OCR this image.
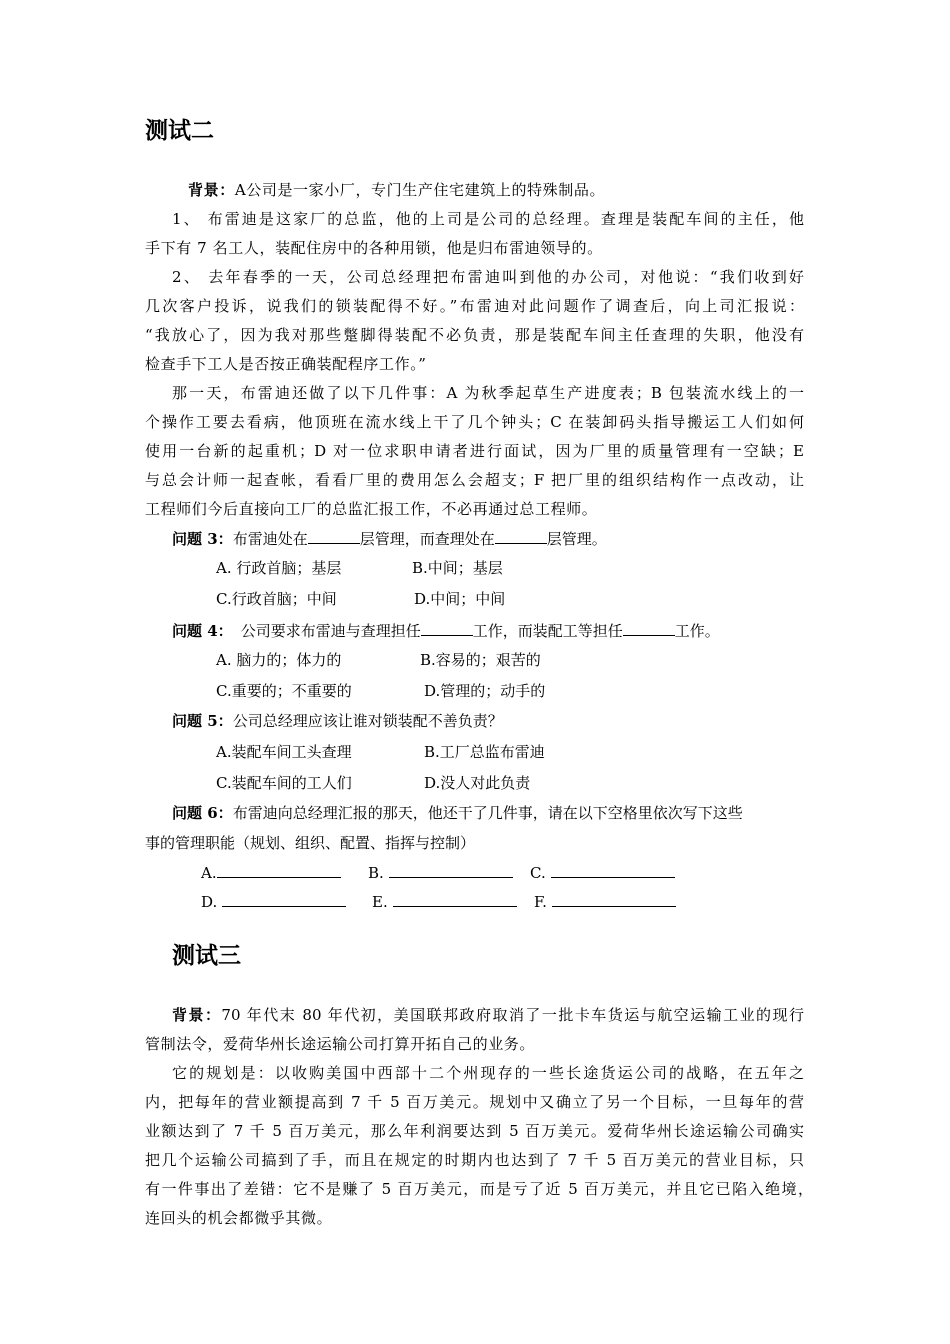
测试二
背景：A公司是一家小厂，专门生产住宅建筑上的特殊制品。
1、 布雷迪是这家厂的总监，他的上司是公司的总经理。查理是装配车间的主任，他
手下有 7 名工人，装配住房中的各种用锁，他是归布雷迪领导的。
2、 去年春季的一天，公司总经理把布雷迪叫到他的办公司，对他说：“我们收到好
几次客户投诉，说我们的锁装配得不好。”布雷迪对此问题作了调查后，向上司汇报说：
“我放心了，因为我对那些蹩脚得装配不必负责，那是装配车间主任查理的失职，他没有
检查手下工人是否按正确装配程序工作。”
那一天，布雷迪还做了以下几件事：A 为秋季起草生产进度表；B 包装流水线上的一
个操作工要去看病，他顶班在流水线上干了几个钟头；C 在装卸码头指导搬运工人们如何
使用一台新的起重机；D 对一位求职申请者进行面试，因为厂里的质量管理有一空缺；E
与总会计师一起查帐，看看厂里的费用怎么会超支；F 把厂里的组织结构作一点改动，让
工程师们今后直接向工厂的总监汇报工作，不必再通过总工程师。
问题 3：布雷迪处在	层管理，而查理处在	层管理。
A. 行政首脑；基层	B.中间；基层
C.行政首脑；中间	D.中间；中间
问题 4： 公司要求布雷迪与查理担任	工作，而装配工等担任	工作。
A. 脑力的；体力的	B.容易的；艰苦的
C.重要的；不重要的	D.管理的；动手的
问题 5：公司总经理应该让谁对锁装配不善负责？
A.装配车间工头查理	B.工厂总监布雷迪
C.装配车间的工人们	D.没人对此负责
问题 6：布雷迪向总经理汇报的那天，他还干了几件事，请在以下空格里依次写下这些
事的管理职能（规划、组织、配置、指挥与控制）
A.	B.	C.
D.	E.	F.
测试三
背景：70 年代末 80 年代初，美国联邦政府取消了一批卡车货运与航空运输工业的现行
管制法令，爱荷华州长途运输公司打算开拓自己的业务。
它的规划是：以收购美国中西部十二个州现存的一些长途货运公司的战略，在五年之
内，把每年的营业额提高到 7 千 5 百万美元。规划中又确立了另一个目标，一旦每年的营
业额达到了 7 千 5 百万美元，那么年利润要达到 5 百万美元。爱荷华州长途运输公司确实
把几个运输公司搞到了手，而且在规定的时期内也达到了 7 千 5 百万美元的营业目标，只
有一件事出了差错：它不是赚了 5 百万美元，而是亏了近 5 百万美元，并且它已陷入绝境，
连回头的机会都微乎其微。
